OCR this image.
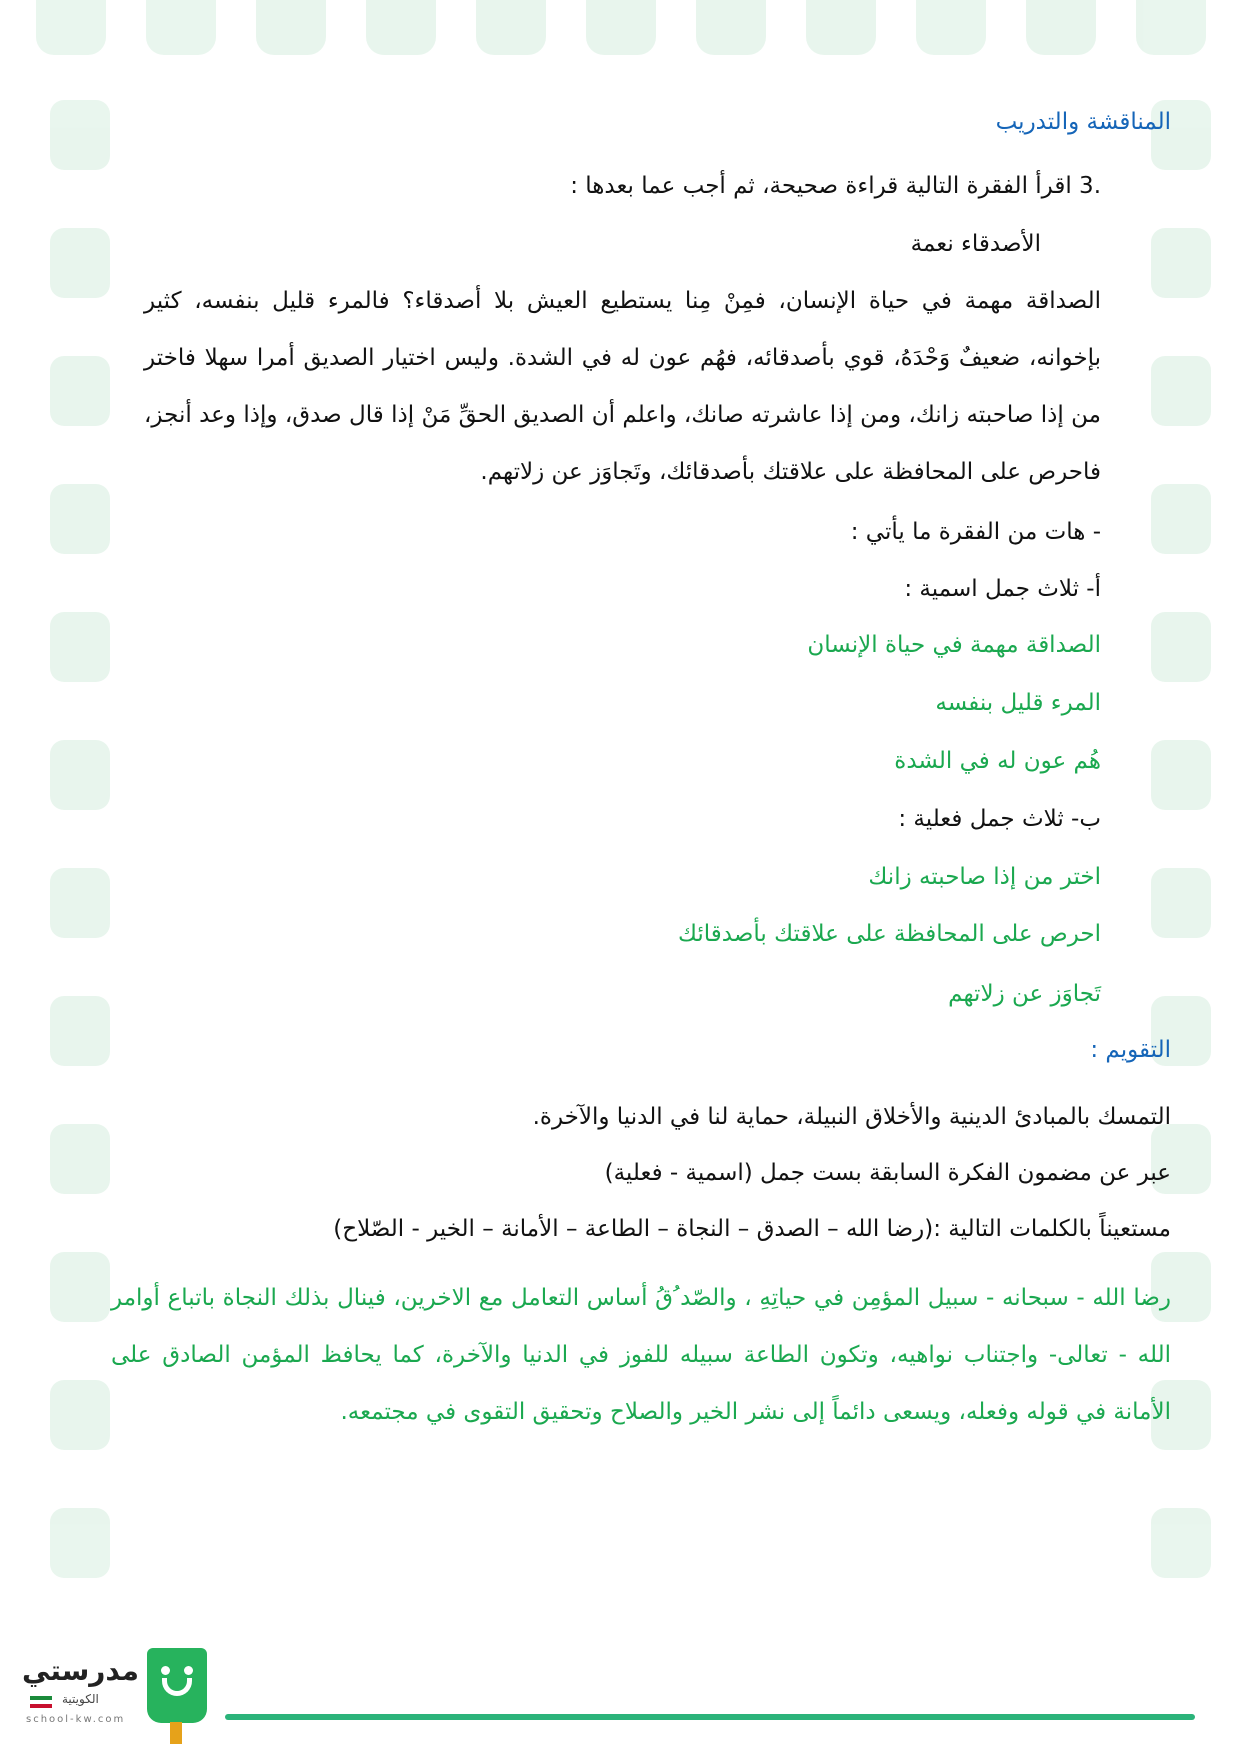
المناقشة والتدريب
.3 اقرأ الفقرة التالية قراءة صحيحة، ثم أجب عما بعدها :
الأصدقاء نعمة
الصداقة مهمة في حياة الإنسان، فمِنْ مِنا يستطيع العيش بلا أصدقاء؟ فالمرء قليل بنفسه، كثير بإخوانه، ضعيفٌ وَحْدَهُ، قوي بأصدقائه، فهُم عون له في الشدة. وليس اختيار الصديق أمرا سهلا فاختر من إذا صاحبته زانك، ومن إذا عاشرته صانك، واعلم أن الصديق الحقِّ مَنْ إذا قال صدق، وإذا وعد أنجز، فاحرص على المحافظة على علاقتك بأصدقائك، وتَجاوَز عن زلاتهم.
- هات من الفقرة ما يأتي :
أ- ثلاث جمل اسمية :
الصداقة مهمة في حياة الإنسان
المرء قليل بنفسه
هُم عون له في الشدة
ب- ثلاث جمل فعلية :
اختر من إذا صاحبته زانك
احرص على المحافظة على علاقتك بأصدقائك
تَجاوَز عن زلاتهم
التقويم :
التمسك بالمبادئ الدينية والأخلاق النبيلة، حماية لنا في الدنيا والآخرة.
عبر عن مضمون الفكرة السابقة بست جمل (اسمية - فعلية)
مستعيناً بالكلمات التالية :(رضا الله – الصدق – النجاة – الطاعة – الأمانة – الخير - الصّلاح)
رضا الله - سبحانه - سبيل المؤمِن في حياتِهِ ، والصّد ُقُ أساس التعامل مع الاخرين، فينال بذلك النجاة باتباع أوامر الله - تعالى- واجتناب نواهيه، وتكون الطاعة سبيله للفوز في الدنيا والآخرة، كما يحافظ المؤمن الصادق على الأمانة في قوله وفعله، ويسعى دائماً إلى نشر الخير والصلاح وتحقيق التقوى في مجتمعه.
مدرستي
الكويتية
school-kw.com
